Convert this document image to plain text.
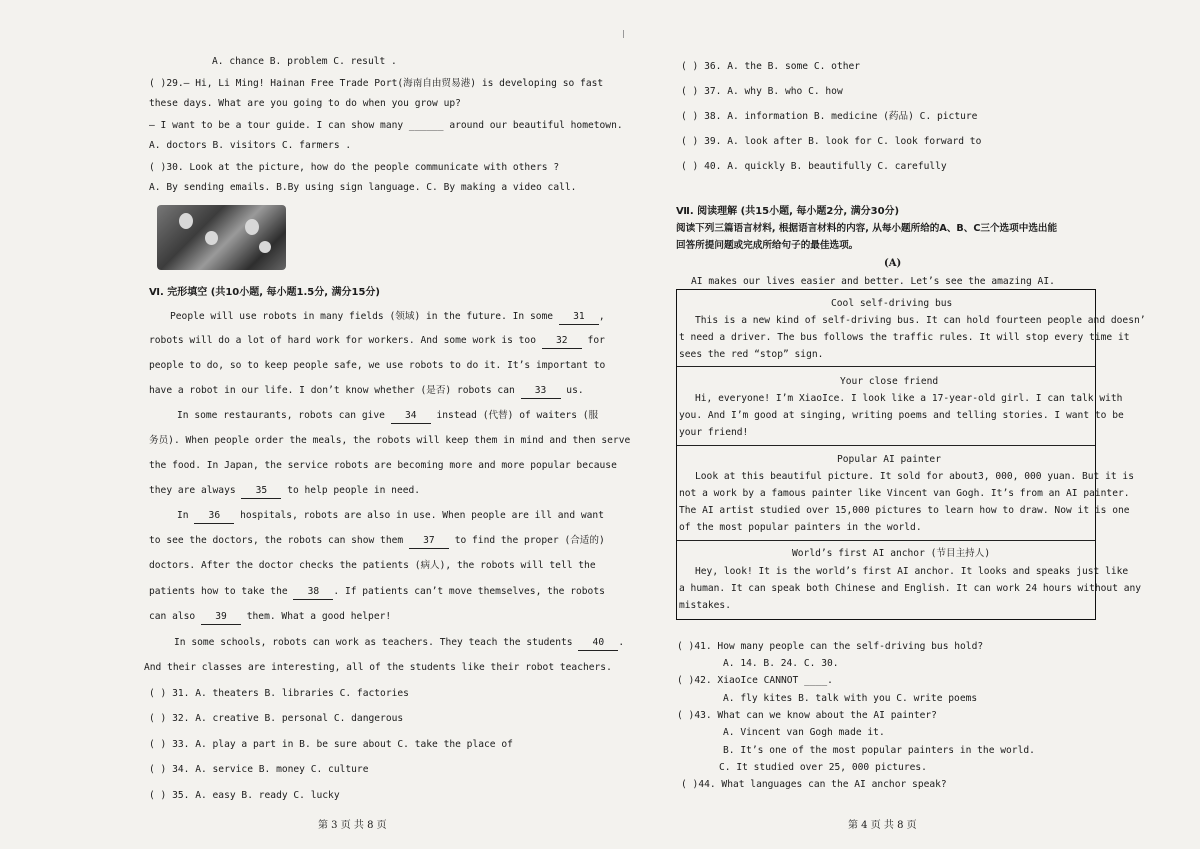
A. chance B. problem C. result .
( )29.— Hi, Li Ming! Hainan Free Trade Port(海南自由贸易港) is developing so fast
these days. What are you going to do when you grow up?
— I want to be a tour guide. I can show many ______ around our beautiful hometown.
A. doctors B. visitors C. farmers .
( )30. Look at the picture, how do the people communicate with others ?
A. By sending emails. B.By using sign language. C. By making a video call.
Ⅵ. 完形填空 (共10小题, 每小题1.5分, 满分15分)
People will use robots in many fields (领域) in the future. In some 31 ,
robots will do a lot of hard work for workers. And some work is too 32 for
people to do, so to keep people safe, we use robots to do it. It’s important to
have a robot in our life. I don’t know whether (是否) robots can 33 us.
In some restaurants, robots can give 34 instead (代替) of waiters (服
务员). When people order the meals, the robots will keep them in mind and then serve
the food. In Japan, the service robots are becoming more and more popular because
they are always 35 to help people in need.
In 36 hospitals, robots are also in use. When people are ill and want
to see the doctors, the robots can show them 37 to find the proper (合适的)
doctors. After the doctor checks the patients (病人), the robots will tell the
patients how to take the 38 . If patients can’t move themselves, the robots
can also 39 them. What a good helper!
In some schools, robots can work as teachers. They teach the students 40 .
And their classes are interesting, all of the students like their robot teachers.
( ) 31. A. theaters B. libraries C. factories
( ) 32. A. creative B. personal C. dangerous
( ) 33. A. play a part in B. be sure about C. take the place of
( ) 34. A. service B. money C. culture
( ) 35. A. easy B. ready C. lucky
第 3 页 共 8 页
( ) 36. A. the B. some C. other
( ) 37. A. why B. who C. how
( ) 38. A. information B. medicine (药品) C. picture
( ) 39. A. look after B. look for C. look forward to
( ) 40. A. quickly B. beautifully C. carefully
Ⅶ. 阅读理解 (共15小题, 每小题2分, 满分30分)
阅读下列三篇语言材料, 根据语言材料的内容, 从每小题所给的A、B、C三个选项中选出能
回答所提问题或完成所给句子的最佳选项。
(A)
AI makes our lives easier and better. Let’s see the amazing AI.
Cool self-driving bus
This is a new kind of self-driving bus. It can hold fourteen people and doesn’
t need a driver. The bus follows the traffic rules. It will stop every time it
sees the red “stop” sign.
Your close friend
Hi, everyone! I’m XiaoIce. I look like a 17-year-old girl. I can talk with
you. And I’m good at singing, writing poems and telling stories. I want to be
your friend!
Popular AI painter
Look at this beautiful picture. It sold for about3, 000, 000 yuan. But it is
not a work by a famous painter like Vincent van Gogh. It’s from an AI painter.
The AI artist studied over 15,000 pictures to learn how to draw. Now it is one
of the most popular painters in the world.
World’s first AI anchor (节目主持人)
Hey, look! It is the world’s first AI anchor. It looks and speaks just like
a human. It can speak both Chinese and English. It can work 24 hours without any
mistakes.
( )41. How many people can the self-driving bus hold?
A. 14. B. 24. C. 30.
( )42. XiaoIce CANNOT ____.
A. fly kites B. talk with you C. write poems
( )43. What can we know about the AI painter?
A. Vincent van Gogh made it.
B. It’s one of the most popular painters in the world.
C. It studied over 25, 000 pictures.
( )44. What languages can the AI anchor speak?
第 4 页 共 8 页
